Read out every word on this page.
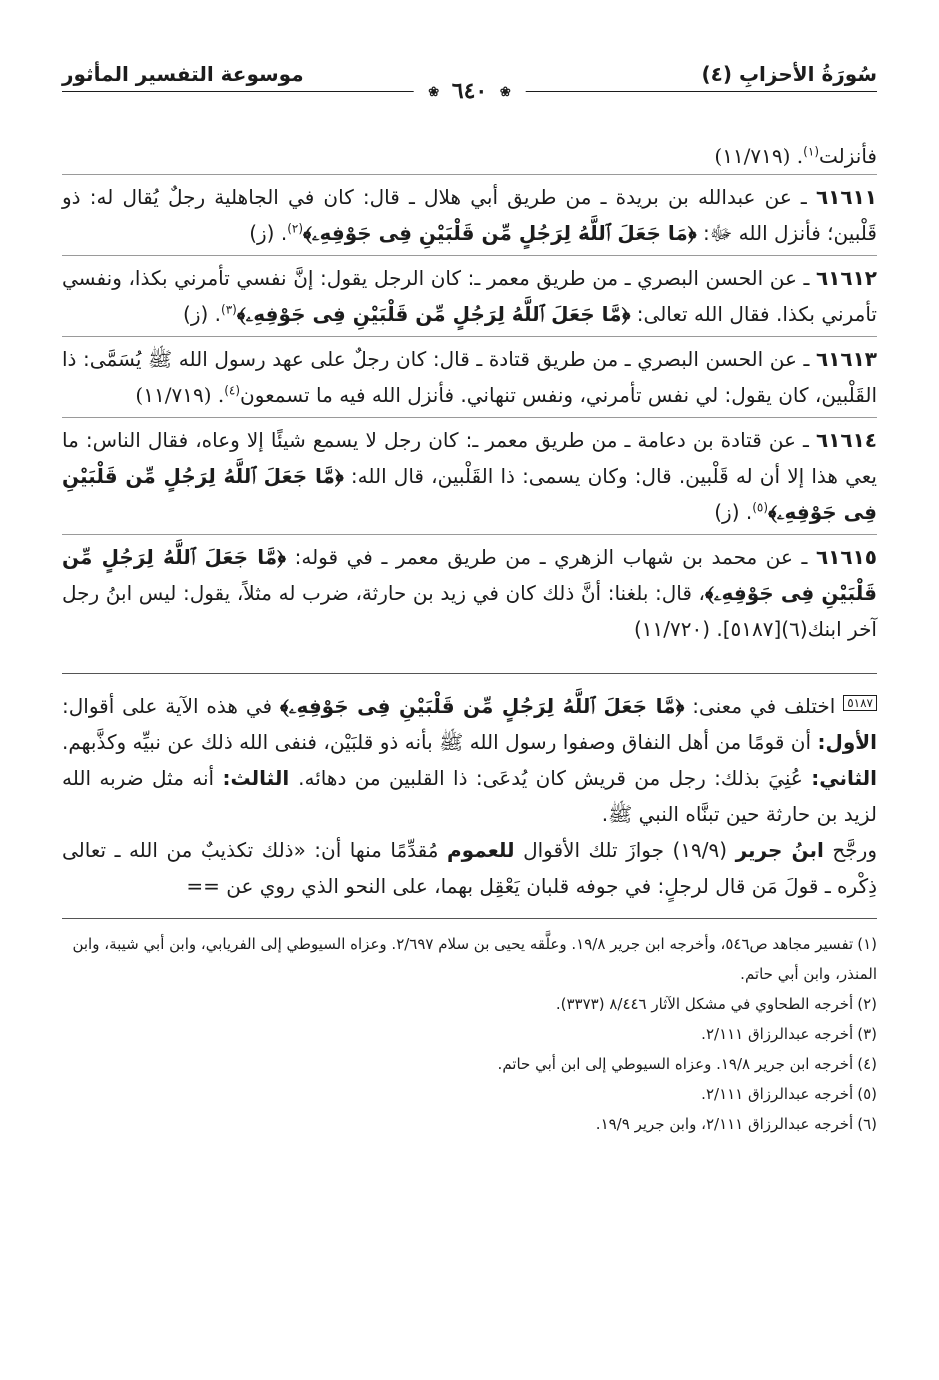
سُورَةُ الأحزابِ (٤)
موسوعة التفسير المأثور
❀ ٦٤٠ ❀

فأنزلت$^{(١)}$. (١١/٧١٩)

٦١٦١١ ـ عن عبدالله بن بريدة ـ من طريق أبي هلال ـ قال: كان في الجاهلية رجلٌ يُقال له: ذو قَلْبين؛ فأنزل الله ﷻ: ﴿مَا جَعَلَ ٱللَّهُ لِرَجُلٍ مِّن قَلْبَيْنِ فِى جَوْفِهِۦ﴾$^{(٢)}$. (ز)

٦١٦١٢ ـ عن الحسن البصري ـ من طريق معمر ـ: كان الرجل يقول: إنَّ نفسي تأمرني بكذا، ونفسي تأمرني بكذا. فقال الله تعالى: ﴿مَّا جَعَلَ ٱللَّهُ لِرَجُلٍ مِّن قَلْبَيْنِ فِى جَوْفِهِۦ﴾$^{(٣)}$. (ز)

٦١٦١٣ ـ عن الحسن البصري ـ من طريق قتادة ـ قال: كان رجلٌ على عهد رسول الله ﷺ يُسَمَّى: ذا القَلْبين، كان يقول: لي نفس تأمرني، ونفس تنهاني. فأنزل الله فيه ما تسمعون$^{(٤)}$. (١١/٧١٩)

٦١٦١٤ ـ عن قتادة بن دعامة ـ من طريق معمر ـ: كان رجل لا يسمع شيئًا إلا وعاه، فقال الناس: ما يعي هذا إلا أن له قَلْبين. قال: وكان يسمى: ذا القَلْبين، قال الله: ﴿مَّا جَعَلَ ٱللَّهُ لِرَجُلٍ مِّن قَلْبَيْنِ فِى جَوْفِهِۦ﴾$^{(٥)}$. (ز)

٦١٦١٥ ـ عن محمد بن شهاب الزهري ـ من طريق معمر ـ في قوله: ﴿مَّا جَعَلَ ٱللَّهُ لِرَجُلٍ مِّن قَلْبَيْنِ فِى جَوْفِهِۦ﴾، قال: بلغنا: أنَّ ذلك كان في زيد بن حارثة، ضرب له مثلاً، يقول: ليس ابنُ رجل آخر ابنك(٦)[٥١٨٧]. (١١/٧٢٠)

٥١٨٧ اختلف في معنى: ﴿مَّا جَعَلَ ٱللَّهُ لِرَجُلٍ مِّن قَلْبَيْنِ فِى جَوْفِهِۦ﴾ في هذه الآية على أقوال: الأول: أن قومًا من أهل النفاق وصفوا رسول الله ﷺ بأنه ذو قلبَيْن، فنفى الله ذلك عن نبيِّه وكذَّبهم. الثاني: عُنِيَ بذلك: رجل من قريش كان يُدعَى: ذا القلبين من دهائه. الثالث: أنه مثل ضربه الله لزيد بن حارثة حين تبنَّاه النبي ﷺ.

ورجَّح ابنُ جرير (١٩/٩) جوازَ تلك الأقوال للعموم مُقدِّمًا منها أن: «ذلك تكذيبٌ من الله ـ تعالى ذِكْره ـ قولَ مَن قال لرجلٍ: في جوفه قلبان يَعْقِل بهما، على النحو الذي روي عن ==

(١)تفسير مجاهد ص٥٤٦، وأخرجه ابن جرير ١٩/٨. وعلَّقه يحيى بن سلام ٢/٦٩٧. وعزاه السيوطي إلى الفريابي، وابن أبي شيبة، وابن المنذر، وابن أبي حاتم.

(٢)أخرجه الطحاوي في مشكل الآثار ٨/٤٤٦ (٣٣٧٣).

(٣)أخرجه عبدالرزاق ٢/١١١.

(٤)أخرجه ابن جرير ١٩/٨. وعزاه السيوطي إلى ابن أبي حاتم.

(٥)أخرجه عبدالرزاق ٢/١١١.

(٦)أخرجه عبدالرزاق ٢/١١١، وابن جرير ١٩/٩.
